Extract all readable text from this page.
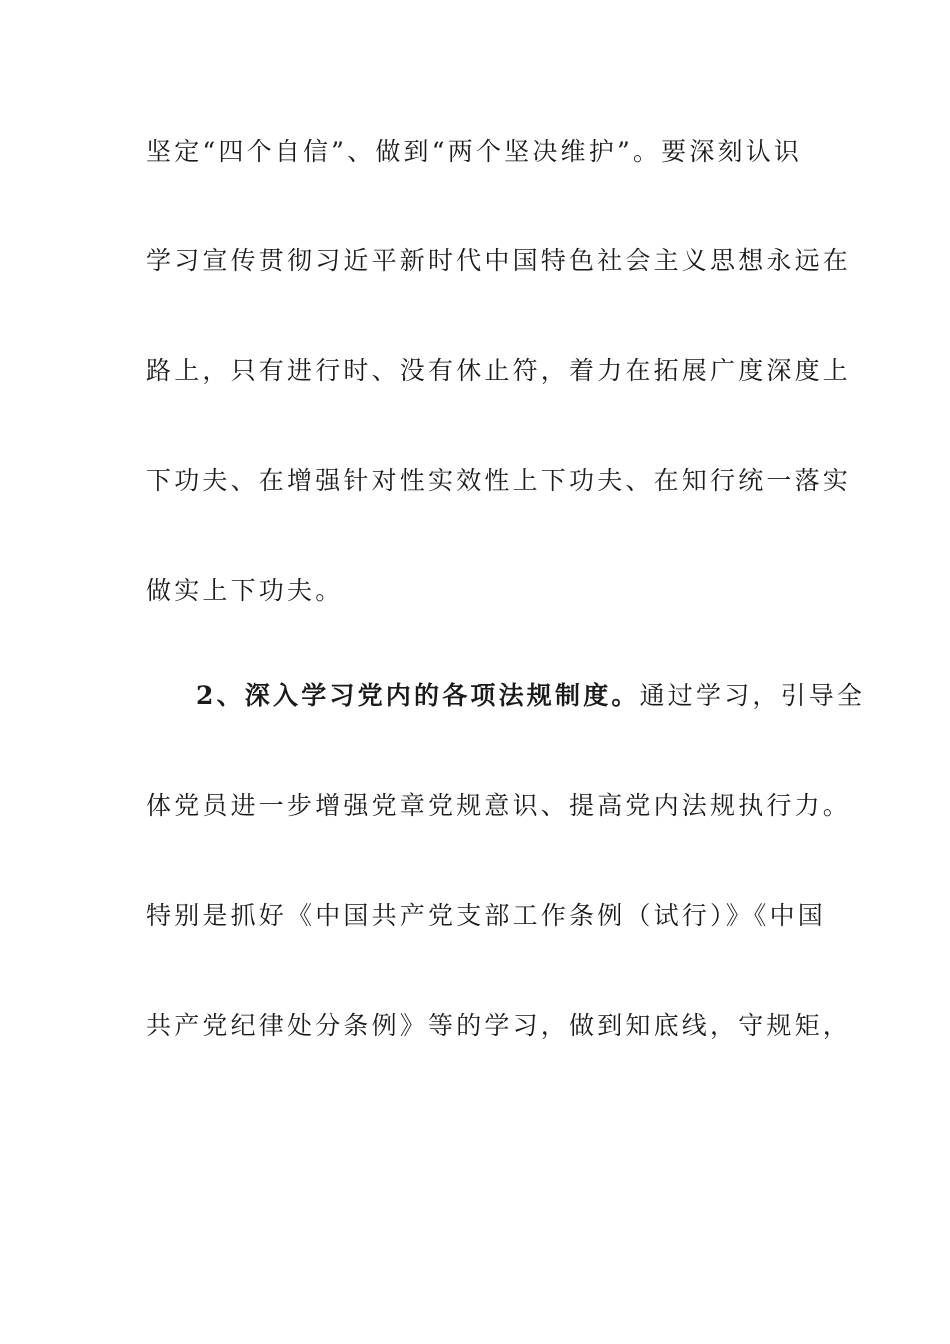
坚定“四个自信”、做到“两个坚决维护”。要深刻认识
学习宣传贯彻习近平新时代中国特色社会主义思想永远在
路上，只有进行时、没有休止符，着力在拓展广度深度上
下功夫、在增强针对性实效性上下功夫、在知行统一落实
做实上下功夫。
2、深入学习党内的各项法规制度。通过学习，引导全
体党员进一步增强党章党规意识、提高党内法规执行力。
特别是抓好《中国共产党支部工作条例（试行）》《中国
共产党纪律处分条例》等的学习，做到知底线，守规矩，
